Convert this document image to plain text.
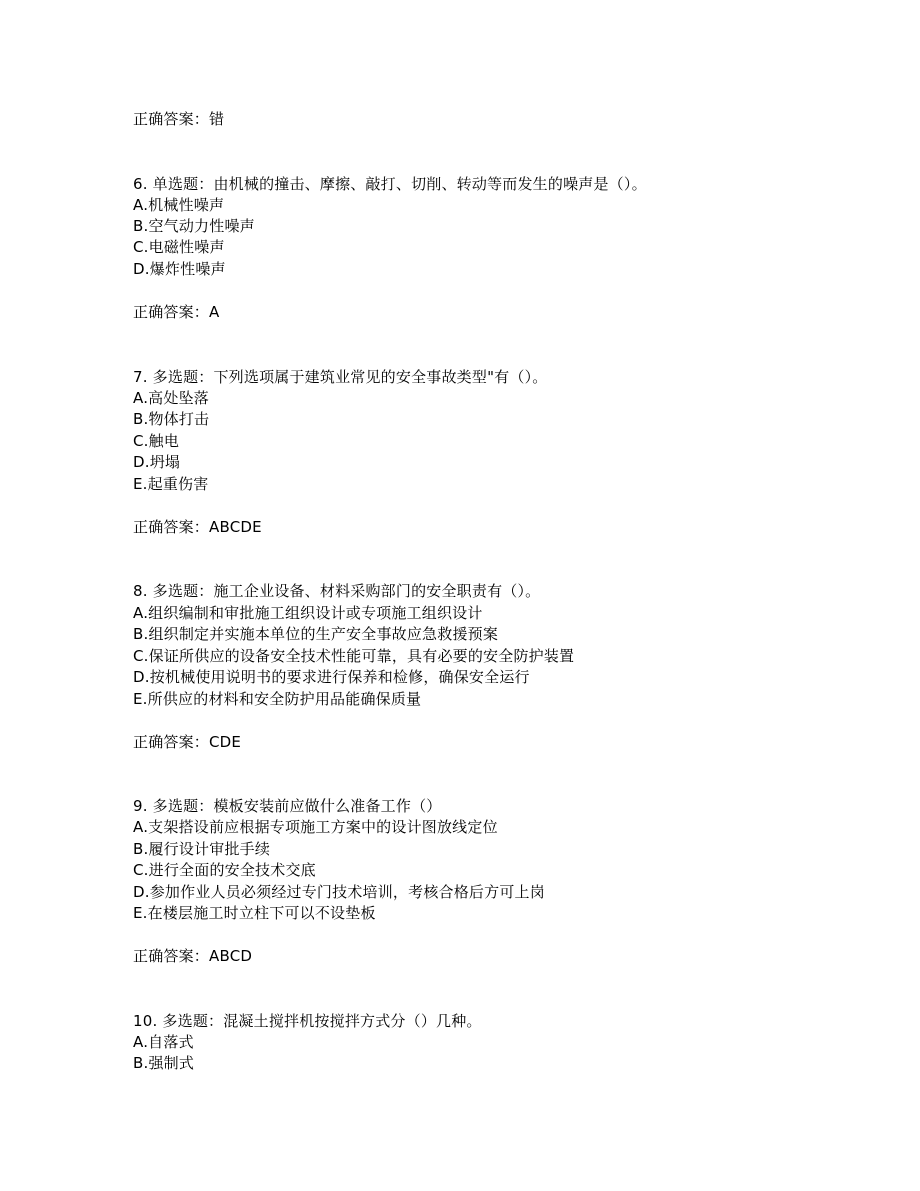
正确答案：错
6. 单选题：由机械的撞击、摩擦、敲打、切削、转动等而发生的噪声是（）。
A.机械性噪声
B.空气动力性噪声
C.电磁性噪声
D.爆炸性噪声
正确答案：A
7. 多选题：下列选项属于建筑业常见的安全事故类型"有（）。
A.高处坠落
B.物体打击
C.触电
D.坍塌
E.起重伤害
正确答案：ABCDE
8. 多选题：施工企业设备、材料采购部门的安全职责有（）。
A.组织编制和审批施工组织设计或专项施工组织设计
B.组织制定并实施本单位的生产安全事故应急救援预案
C.保证所供应的设备安全技术性能可靠，具有必要的安全防护装置
D.按机械使用说明书的要求进行保养和检修，确保安全运行
E.所供应的材料和安全防护用品能确保质量
正确答案：CDE
9. 多选题：模板安装前应做什么准备工作（）
A.支架搭设前应根据专项施工方案中的设计图放线定位
B.履行设计审批手续
C.进行全面的安全技术交底
D.参加作业人员必须经过专门技术培训，考核合格后方可上岗
E.在楼层施工时立柱下可以不设垫板
正确答案：ABCD
10. 多选题：混凝土搅拌机按搅拌方式分（）几种。
A.自落式
B.强制式
